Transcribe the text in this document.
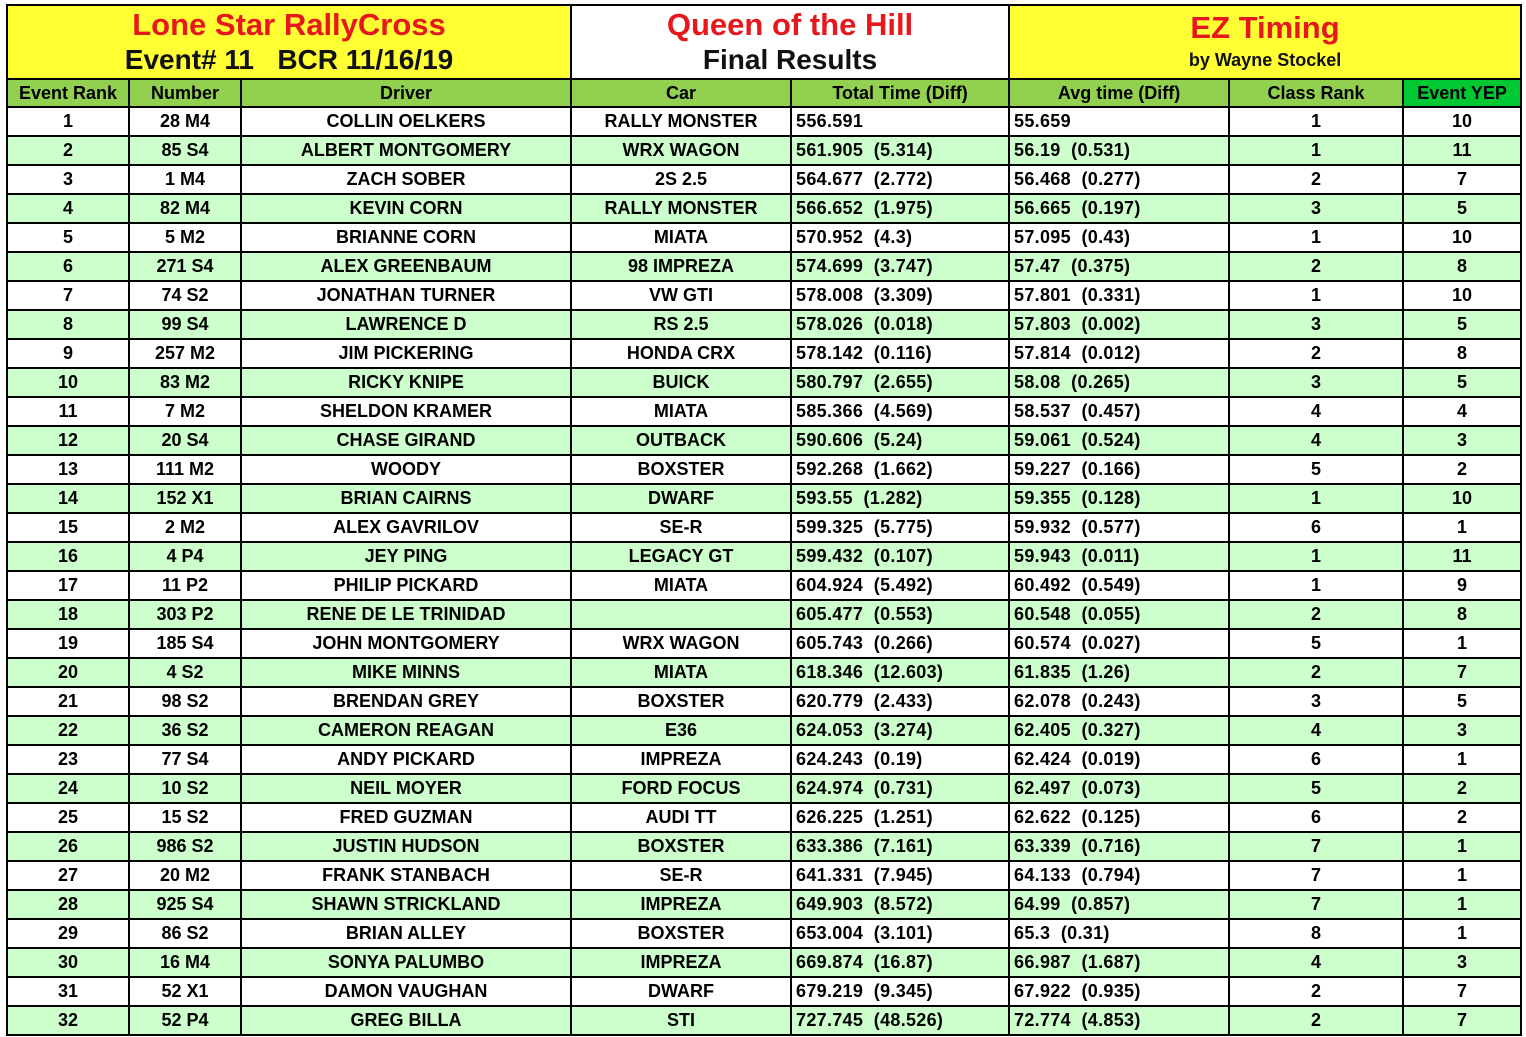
Lone Star RallyCross
Event# 11   BCR 11/16/19			Queen of the Hill
Final Results		EZ Timing
by Wayne Stockel		

Event Rank	Number	Driver	Car	Total Time (Diff)	Avg time (Diff)	Class Rank	Event YEP
1	28 M4	COLLIN OELKERS	RALLY MONSTER	556.591	55.659	1	10
2	85 S4	ALBERT MONTGOMERY	WRX WAGON	561.905  (5.314)	56.19  (0.531)	1	11
3	1 M4	ZACH SOBER	2S 2.5	564.677  (2.772)	56.468  (0.277)	2	7
4	82 M4	KEVIN CORN	RALLY MONSTER	566.652  (1.975)	56.665  (0.197)	3	5
5	5 M2	BRIANNE CORN	MIATA	570.952  (4.3)	57.095  (0.43)	1	10
6	271 S4	ALEX GREENBAUM	98 IMPREZA	574.699  (3.747)	57.47  (0.375)	2	8
7	74 S2	JONATHAN TURNER	VW GTI	578.008  (3.309)	57.801  (0.331)	1	10
8	99 S4	LAWRENCE D	RS 2.5	578.026  (0.018)	57.803  (0.002)	3	5
9	257 M2	JIM PICKERING	HONDA CRX	578.142  (0.116)	57.814  (0.012)	2	8
10	83 M2	RICKY KNIPE	BUICK	580.797  (2.655)	58.08  (0.265)	3	5
11	7 M2	SHELDON KRAMER	MIATA	585.366  (4.569)	58.537  (0.457)	4	4
12	20 S4	CHASE GIRAND	OUTBACK	590.606  (5.24)	59.061  (0.524)	4	3
13	111 M2	WOODY	BOXSTER	592.268  (1.662)	59.227  (0.166)	5	2
14	152 X1	BRIAN CAIRNS	DWARF	593.55  (1.282)	59.355  (0.128)	1	10
15	2 M2	ALEX GAVRILOV	SE-R	599.325  (5.775)	59.932  (0.577)	6	1
16	4 P4	JEY PING	LEGACY GT	599.432  (0.107)	59.943  (0.011)	1	11
17	11 P2	PHILIP PICKARD	MIATA	604.924  (5.492)	60.492  (0.549)	1	9
18	303 P2	RENE DE LE TRINIDAD		605.477  (0.553)	60.548  (0.055)	2	8
19	185 S4	JOHN MONTGOMERY	WRX WAGON	605.743  (0.266)	60.574  (0.027)	5	1
20	4 S2	MIKE MINNS	MIATA	618.346  (12.603)	61.835  (1.26)	2	7
21	98 S2	BRENDAN GREY	BOXSTER	620.779  (2.433)	62.078  (0.243)	3	5
22	36 S2	CAMERON REAGAN	E36	624.053  (3.274)	62.405  (0.327)	4	3
23	77 S4	ANDY PICKARD	IMPREZA	624.243  (0.19)	62.424  (0.019)	6	1
24	10 S2	NEIL MOYER	FORD FOCUS	624.974  (0.731)	62.497  (0.073)	5	2
25	15 S2	FRED GUZMAN	AUDI TT	626.225  (1.251)	62.622  (0.125)	6	2
26	986 S2	JUSTIN HUDSON	BOXSTER	633.386  (7.161)	63.339  (0.716)	7	1
27	20 M2	FRANK STANBACH	SE-R	641.331  (7.945)	64.133  (0.794)	7	1
28	925 S4	SHAWN STRICKLAND	IMPREZA	649.903  (8.572)	64.99  (0.857)	7	1
29	86 S2	BRIAN ALLEY	BOXSTER	653.004  (3.101)	65.3  (0.31)	8	1
30	16 M4	SONYA PALUMBO	IMPREZA	669.874  (16.87)	66.987  (1.687)	4	3
31	52 X1	DAMON VAUGHAN	DWARF	679.219  (9.345)	67.922  (0.935)	2	7
32	52 P4	GREG BILLA	STI	727.745  (48.526)	72.774  (4.853)	2	7
